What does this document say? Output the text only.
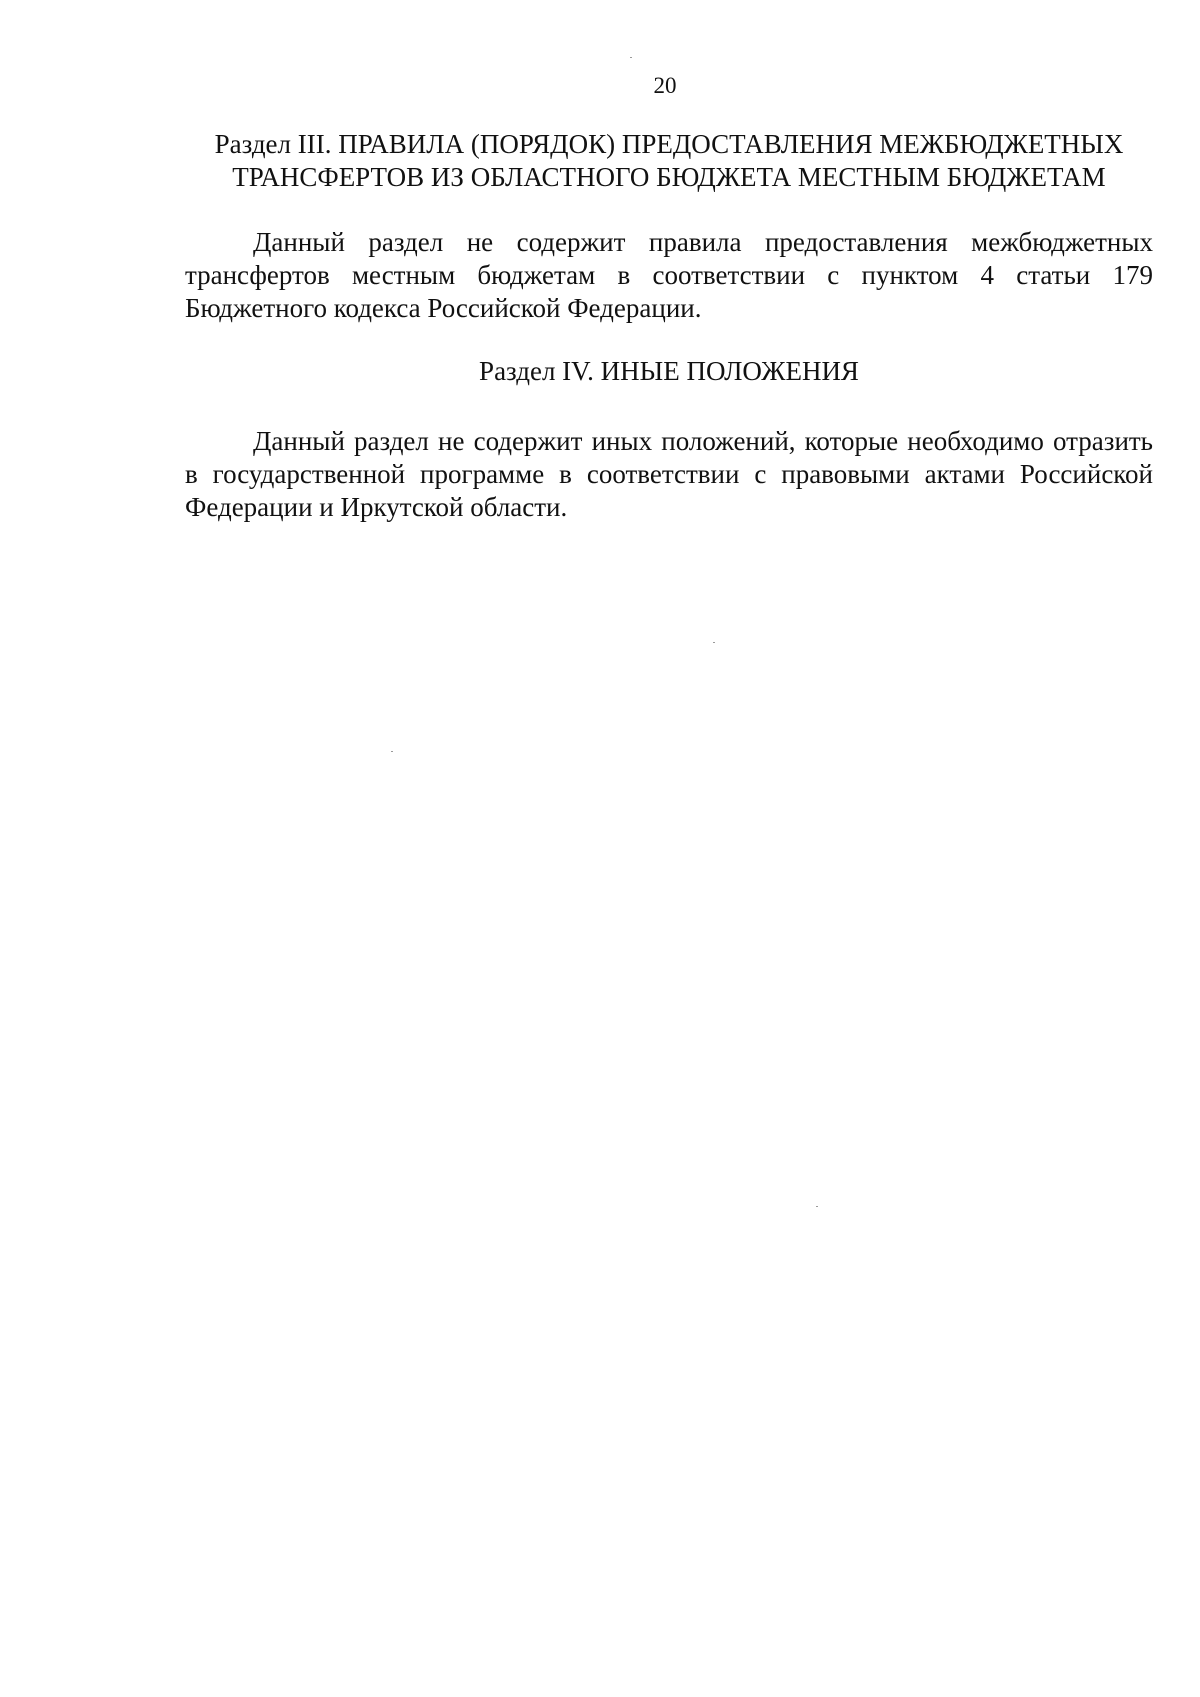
20
Раздел III. ПРАВИЛА (ПОРЯДОК) ПРЕДОСТАВЛЕНИЯ МЕЖБЮДЖЕТНЫХ
ТРАНСФЕРТОВ ИЗ ОБЛАСТНОГО БЮДЖЕТА МЕСТНЫМ БЮДЖЕТАМ

Данный раздел не содержит правила предоставления межбюджетных трансфертов местным бюджетам в соответствии с пунктом 4 статьи 179 Бюджетного кодекса Российской Федерации.

Раздел IV. ИНЫЕ ПОЛОЖЕНИЯ

Данный раздел не содержит иных положений, которые необходимо отразить в государственной программе в соответствии с правовыми актами Российской Федерации и Иркутской области.
